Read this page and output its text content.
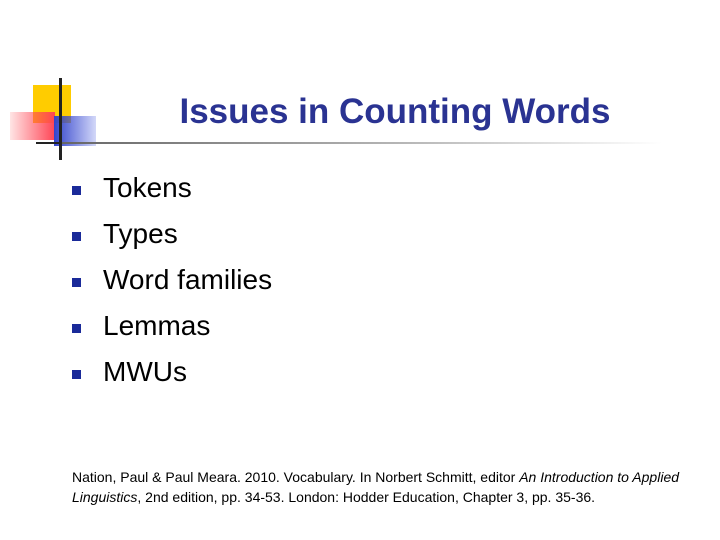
Issues in Counting Words
Tokens
Types
Word families
Lemmas
MWUs

Nation, Paul & Paul Meara. 2010. Vocabulary. In Norbert Schmitt, editor An Introduction to Applied Linguistics, 2nd edition, pp. 34-53. London: Hodder Education, Chapter 3, pp. 35-36.
